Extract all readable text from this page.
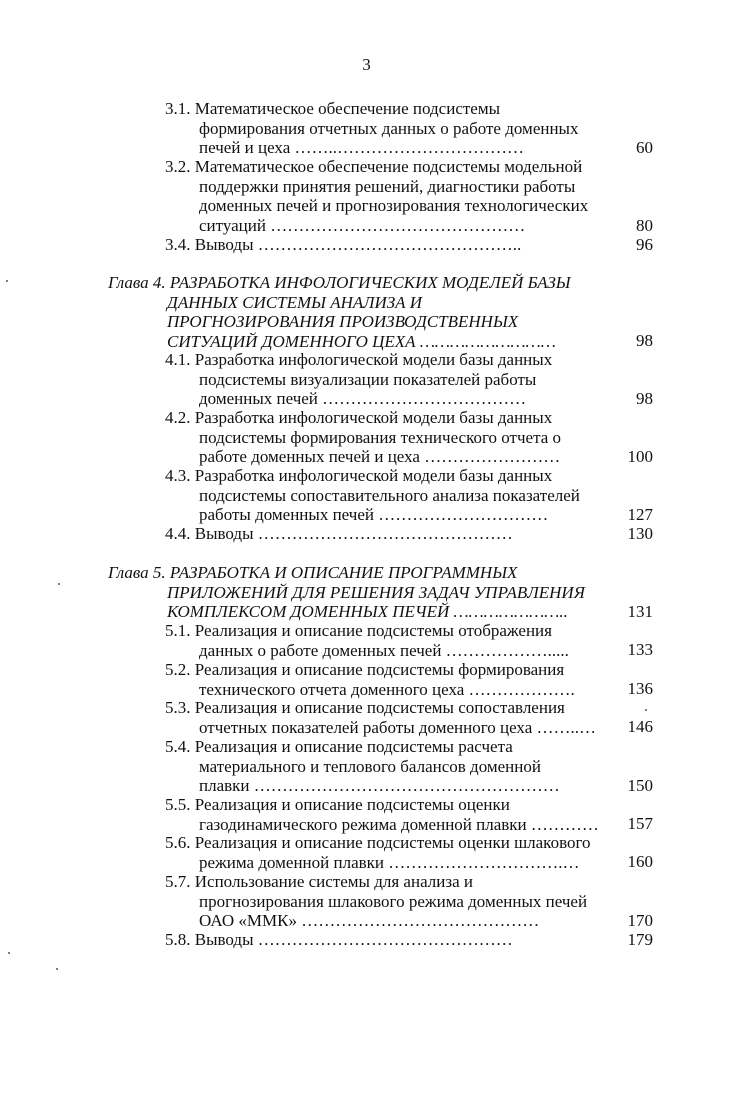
3
3.1. Математическое обеспечение подсистемы
формирования отчетных данных о работе доменных
печей и цеха ……..……………………………	60
3.2. Математическое обеспечение подсистемы модельной
поддержки принятия решений, диагностики работы
доменных печей и прогнозирования технологических
ситуаций ………………………………………	80
3.4. Выводы ………………………………………..	96
Глава 4. РАЗРАБОТКА ИНФОЛОГИЧЕСКИХ МОДЕЛЕЙ БАЗЫ
ДАННЫХ СИСТЕМЫ АНАЛИЗА И
ПРОГНОЗИРОВАНИЯ ПРОИЗВОДСТВЕННЫХ
СИТУАЦИЙ ДОМЕННОГО ЦЕХА ………………………	98
4.1. Разработка инфологической модели базы данных
подсистемы визуализации показателей работы
доменных печей ………………………………	98
4.2. Разработка инфологической модели базы данных
подсистемы формирования технического отчета о
работе доменных печей и цеха ……………………	100
4.3. Разработка инфологической модели базы данных
подсистемы сопоставительного анализа показателей
работы доменных печей …………………………	127
4.4. Выводы ………………………………………	130
Глава 5. РАЗРАБОТКА И ОПИСАНИЕ ПРОГРАММНЫХ
ПРИЛОЖЕНИЙ ДЛЯ РЕШЕНИЯ ЗАДАЧ УПРАВЛЕНИЯ
КОМПЛЕКСОМ ДОМЕННЫХ ПЕЧЕЙ …………………..	131
5.1. Реализация и описание подсистемы отображения
данных о работе доменных печей ……………….....	133
5.2. Реализация и описание подсистемы формирования
технического отчета доменного цеха ……………….	136
5.3. Реализация и описание подсистемы сопоставления
отчетных показателей работы доменного цеха ……..…	146
5.4. Реализация и описание подсистемы расчета
материального и теплового балансов доменной
плавки ………………………………………………	150
5.5. Реализация и описание подсистемы оценки
газодинамического режима доменной плавки …………	157
5.6. Реализация и описание подсистемы оценки шлакового
режима доменной плавки ………………………….…	160
5.7. Использование системы для анализа и
прогнозирования шлакового режима доменных печей
ОАО «ММК» ……………………………………	170
5.8. Выводы ………………………………………	179
